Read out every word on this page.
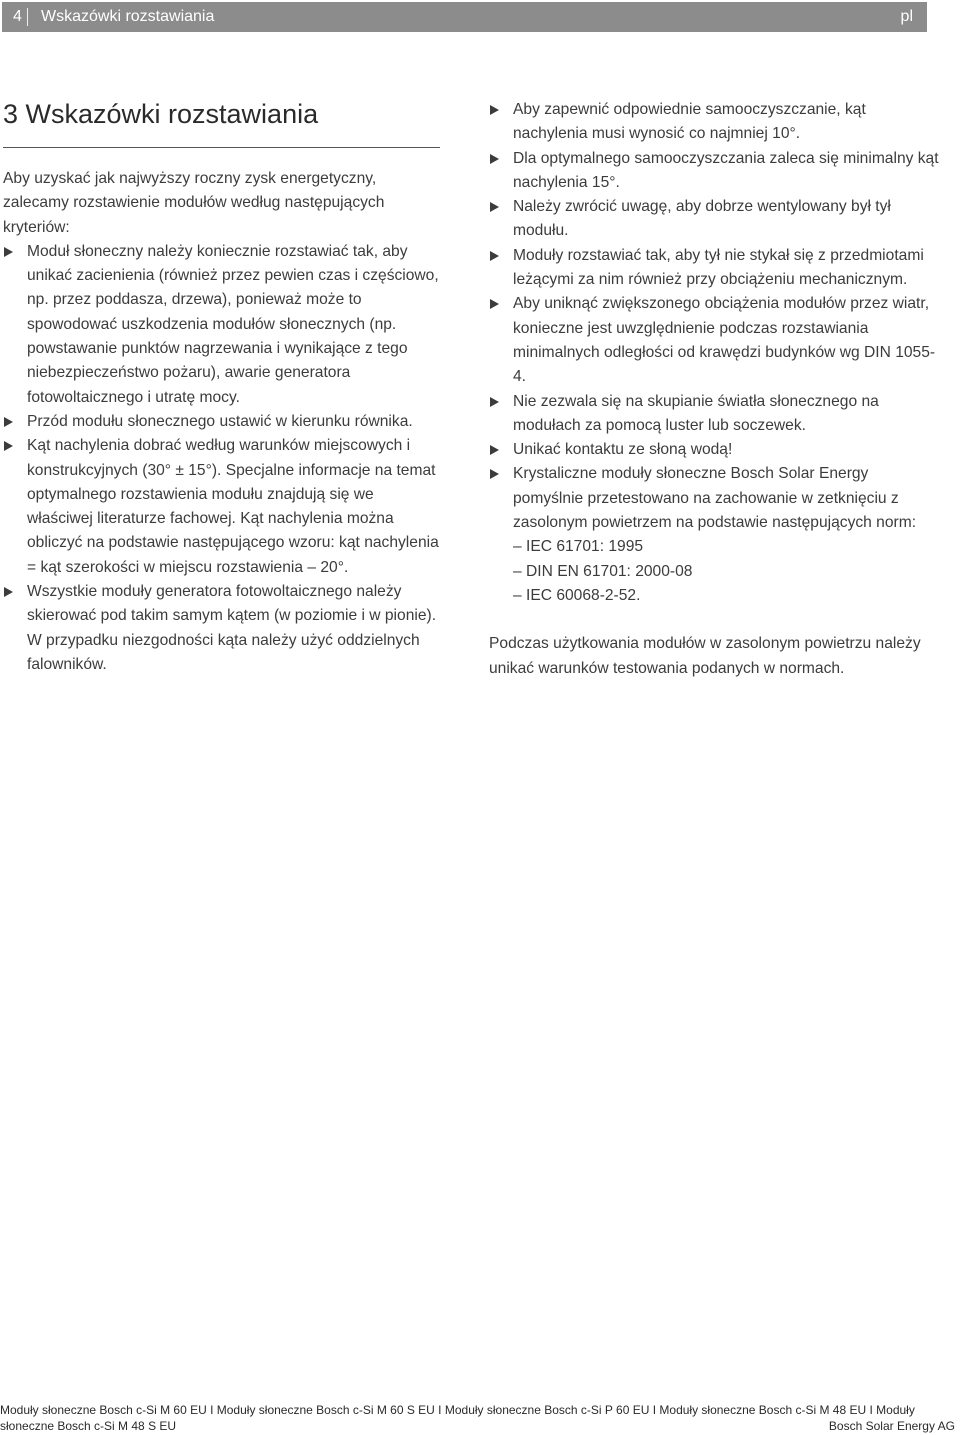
4 Wskazówki rozstawiania	pl
3 Wskazówki rozstawiania

Aby uzyskać jak najwyższy roczny zysk energetyczny, zalecamy rozstawienie modułów według następujących kryteriów:

Moduł słoneczny należy koniecznie rozstawiać tak, aby unikać zacienienia (również przez pewien czas i częściowo, np. przez poddasza, drzewa), ponieważ może to spowodować uszkodzenia modułów słonecznych (np. powstawanie punktów nagrzewania i wynikające z tego niebezpieczeństwo pożaru), awarie generatora fotowoltaicznego i utratę mocy.
Przód modułu słonecznego ustawić w kierunku równika.
Kąt nachylenia dobrać według warunków miejscowych i konstrukcyjnych (30° ± 15°). Specjalne informacje na temat optymalnego rozstawienia modułu znajdują się we właściwej literaturze fachowej. Kąt nachylenia można obliczyć na podstawie następującego wzoru: kąt nachylenia = kąt szerokości w miejscu rozstawienia – 20°.
Wszystkie moduły generatora fotowoltaicznego należy skierować pod takim samym kątem (w poziomie i w pionie). W przypadku niezgodności kąta należy użyć oddzielnych falowników.
Aby zapewnić odpowiednie samooczyszczanie, kąt nachylenia musi wynosić co najmniej 10°.
Dla optymalnego samooczyszczania zaleca się minimalny kąt nachylenia 15°.
Należy zwrócić uwagę, aby dobrze wentylowany był tył modułu.
Moduły rozstawiać tak, aby tył nie stykał się z przedmiotami leżącymi za nim również przy obciążeniu mechanicznym.
Aby uniknąć zwiększonego obciążenia modułów przez wiatr, konieczne jest uwzględnienie podczas rozstawiania minimalnych odległości od krawędzi budynków wg DIN 1055-4.
Nie zezwala się na skupianie światła słonecznego na modułach za pomocą luster lub soczewek.
Unikać kontaktu ze słoną wodą!
Krystaliczne moduły słoneczne Bosch Solar Energy pomyślnie przetestowano na zachowanie w zetknięciu z zasolonym powietrzem na podstawie następujących norm:
– IEC 61701: 1995
– DIN EN 61701: 2000-08
– IEC 60068-2-52.

Podczas użytkowania modułów w zasolonym powietrzu należy unikać warunków testowania podanych w normach.

Moduły słoneczne Bosch c-Si M 60 EU I Moduły słoneczne Bosch c-Si M 60 S EU I Moduły słoneczne Bosch c-Si P 60 EU I Moduły słoneczne Bosch c-Si M 48 EU I Moduły słoneczne Bosch c-Si M 48 S EU	Bosch Solar Energy AG
